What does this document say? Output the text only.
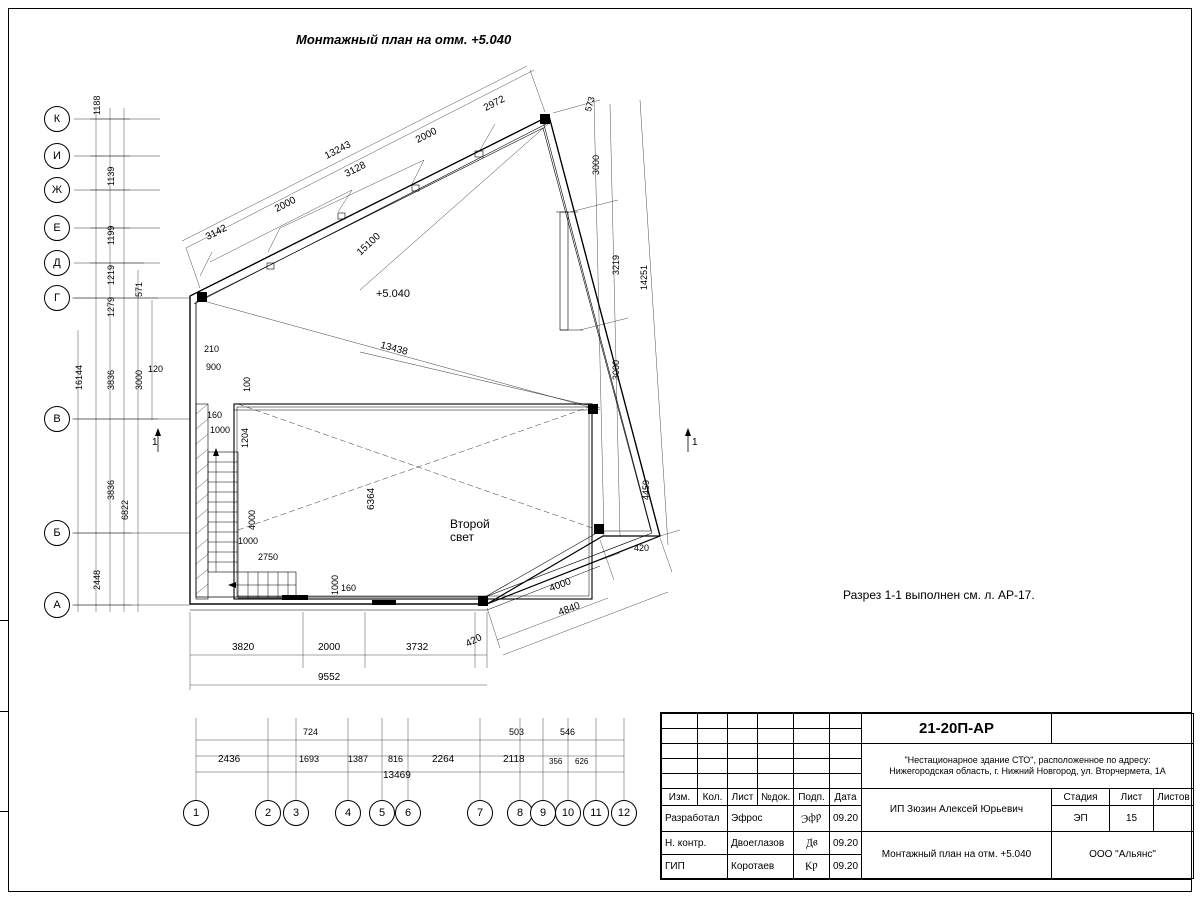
Монтажный план на отм. +5.040
К
И
Ж
Е
Д
Г
В
Б
А
1	2	3	4	5	6	7	8	9	10	11	12
1188
1139
1199
1219
1279
571
3836 3000
16144
3836
6822
2448
3142
2000
3128
2000
2972
13243
15100
13438
6364
573
3000
3219 14251
3000
4459
420
210
900
120
100
160
1000 1204
4000
1000
2750
1000 160
3820	2000	3732	420
9552
4000
4840
2436
724
1693	1387 816	2264	2118
503
356 626
546
13469
+5.040
Второй
свет
1	1
Разрез 1-1 выполнен см. л. АР-17.
						21-20П-АР			

						"Нестационарное здание СТО", расположенное по адресу:
Нижегородская область, г. Нижний Новгород, ул. Вторчермета, 1А			

Изм.	Кол.	Лист	№док.	Подп.	Дата	ИП Зюзин Алексей Юрьевич	Стадия	Лист	Листов
Разработал		Эфрос		Эфр	09.20		ЭП	15	
Н. контр.		Двоеглазов		Дв	09.20	Монтажный план на отм. +5.040	ООО "Альянс"		
ГИП		Коротаев		Кр	09.20				
